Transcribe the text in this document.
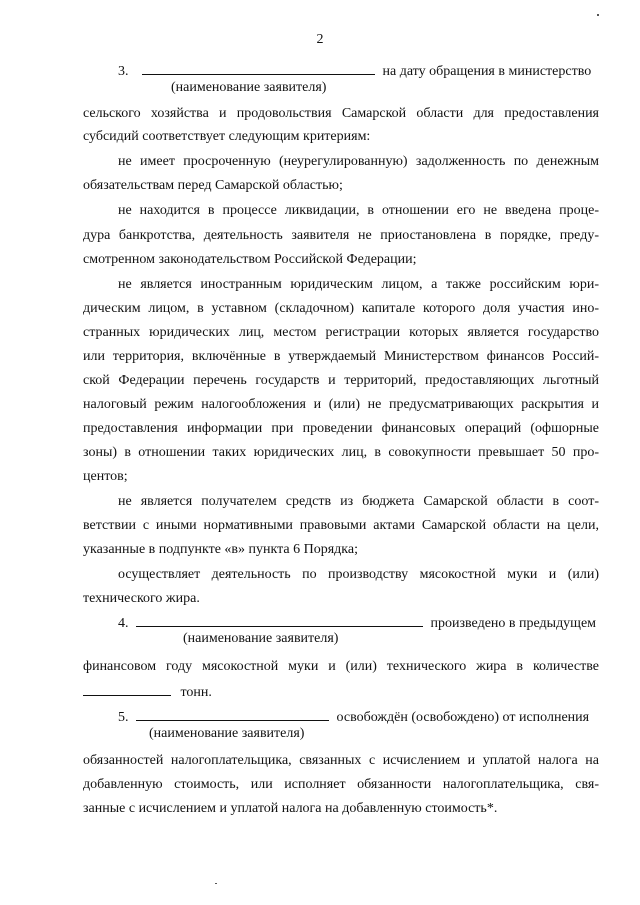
2
3.	на дату обращения в министерство
(наименование заявителя)
сельского хозяйства и продовольствия Самарской области для предоставления
субсидий соответствует следующим критериям:
не имеет просроченную (неурегулированную) задолженность по денежным
обязательствам перед Самарской областью;
не находится в процессе ликвидации, в отношении его не введена проце-
дура банкротства, деятельность заявителя не приостановлена в порядке, преду-
смотренном законодательством Российской Федерации;
не является иностранным юридическим лицом, а также российским юри-
дическим лицом, в уставном (складочном) капитале которого доля участия ино-
странных юридических лиц, местом регистрации которых является государство
или территория, включённые в утверждаемый Министерством финансов Россий-
ской Федерации перечень государств и территорий, предоставляющих льготный
налоговый режим налогообложения и (или) не предусматривающих раскрытия и
предоставления информации при проведении финансовых операций (офшорные
зоны) в отношении таких юридических лиц, в совокупности превышает 50 про-
центов;
не является получателем средств из бюджета Самарской области в соот-
ветствии с иными нормативными правовыми актами Самарской области на цели,
указанные в подпункте «в» пункта 6 Порядка;
осуществляет деятельность по производству мясокостной муки и (или)
технического жира.
4.	произведено в предыдущем
(наименование заявителя)
финансовом году мясокостной муки и (или) технического жира в количестве
тонн.
5.	освобождён (освобождено) от исполнения
(наименование заявителя)
обязанностей налогоплательщика, связанных с исчислением и уплатой налога на
добавленную стоимость, или исполняет обязанности налогоплательщика, свя-
занные с исчислением и уплатой налога на добавленную стоимость*.
